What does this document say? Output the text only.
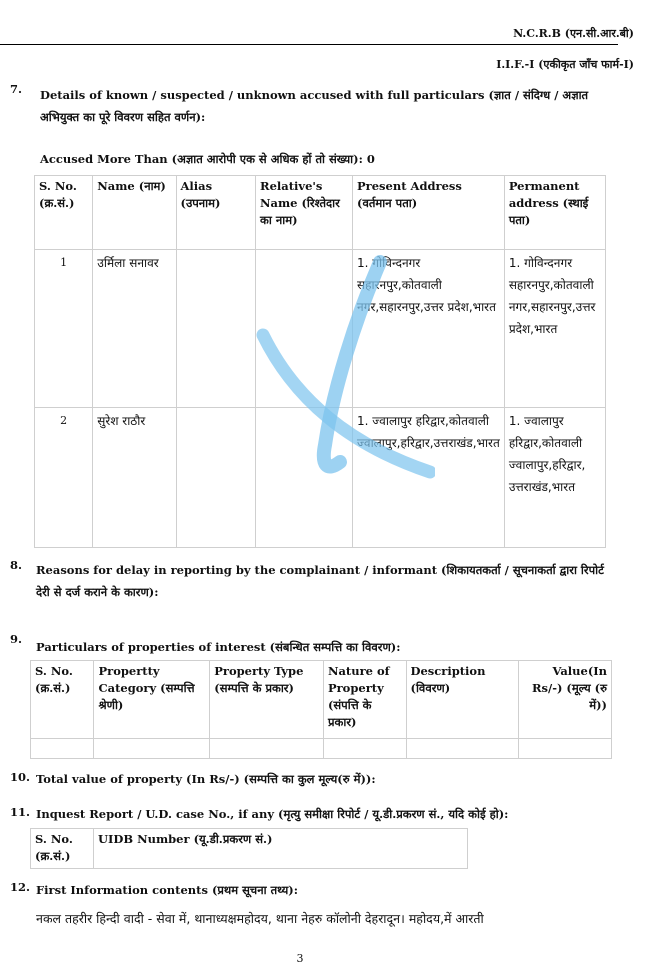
N.C.R.B (एन.सी.आर.बी)
I.I.F.-I (एकीकृत जाँच फार्म-I)
7. Details of known / suspected / unknown accused with full particulars (ज्ञात / संदिग्ध / अज्ञात अभियुक्त का पूरे विवरण सहित वर्णन):
Accused More Than (अज्ञात आरोपी एक से अधिक हों तो संख्या): 0
S. No. (क्र.सं.)	Name (नाम)	Alias (उपनाम)	Relative's Name (रिश्तेदार का नाम)	Present Address (वर्तमान पता)	Permanent address (स्थाई पता)
1	उर्मिला सनावर			1. गोविन्दनगर सहारनपुर,कोतवाली नगर,सहारनपुर,उत्तर प्रदेश,भारत	1. गोविन्दनगर सहारनपुर,कोतवाली नगर,सहारनपुर,उत्तर प्रदेश,भारत
2	सुरेश राठौर			1. ज्वालापुर हरिद्वार,कोतवाली ज्वालापुर,हरिद्वार,उत्तराखंड,भारत	1. ज्वालापुर हरिद्वार,कोतवाली ज्वालापुर,हरिद्वार, उत्तराखंड,भारत
8. Reasons for delay in reporting by the complainant / informant (शिकायतकर्ता / सूचनाकर्ता द्वारा रिपोर्ट देरी से दर्ज कराने के कारण):
9.
Particulars of properties of interest (संबन्धित सम्पत्ति का विवरण):
S. No. (क्र.सं.)	Propertty Category (सम्पत्ति श्रेणी)	Property Type (सम्पत्ति के प्रकार)	Nature of Property (संपत्ति के प्रकार)	Description (विवरण)	Value(In Rs/-) (मूल्य (रु में))

10. Total value of property (In Rs/-) (सम्पत्ति का कुल मूल्य(रु में)):
11. Inquest Report / U.D. case No., if any (मृत्यु समीक्षा रिपोर्ट / यू.डी.प्रकरण सं., यदि कोई हो):
S. No. (क्र.सं.)	UIDB Number (यू.डी.प्रकरण सं.)
12. First Information contents (प्रथम सूचना तथ्य):
नकल तहरीर हिन्दी वादी - सेवा में, थानाध्यक्षमहोदय, थाना नेहरु कॉलोनी देहरादून। महोदय,में आरती
3
